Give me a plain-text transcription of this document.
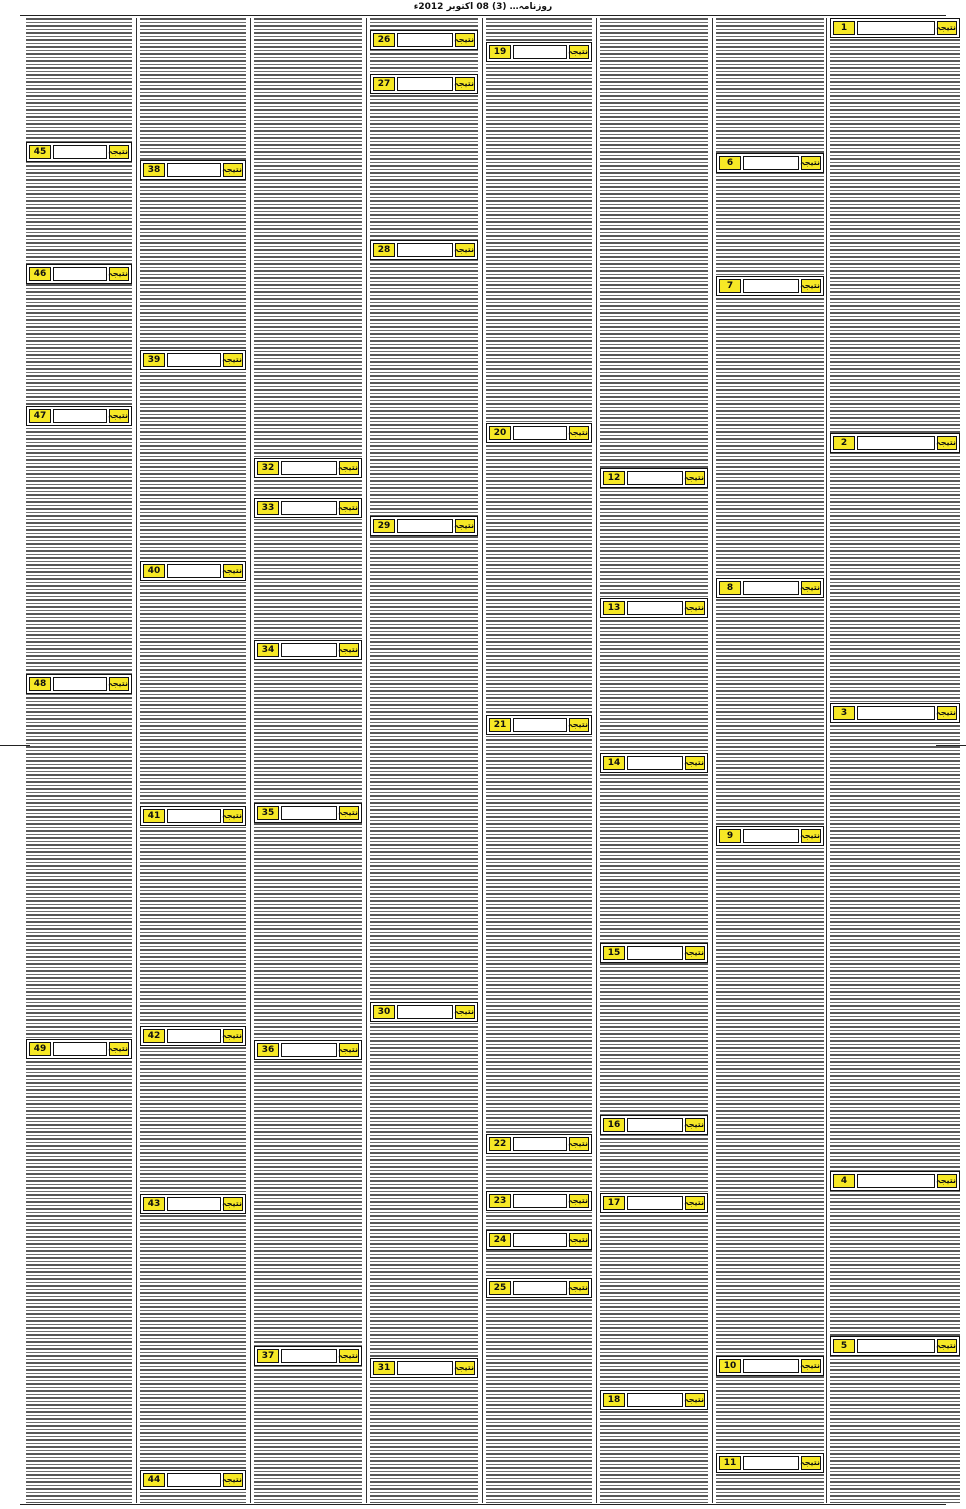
روزنامہ… (3) 08 اکتوبر 2012ء
1	نتیجہ
2	نتیجہ
3	نتیجہ
4	نتیجہ
5	نتیجہ
6	نتیجہ
7	نتیجہ
8	نتیجہ
9	نتیجہ
10	نتیجہ
11	نتیجہ
12	نتیجہ
13	نتیجہ
14	نتیجہ
15	نتیجہ
16	نتیجہ
17	نتیجہ
18	نتیجہ
19	نتیجہ
20	نتیجہ
21	نتیجہ
22	نتیجہ
23	نتیجہ
24	نتیجہ
25	نتیجہ
26	نتیجہ
27	نتیجہ
28	نتیجہ
29	نتیجہ
30	نتیجہ
31	نتیجہ
32	نتیجہ
33	نتیجہ
34	نتیجہ
35	نتیجہ
36	نتیجہ
37	نتیجہ
38	نتیجہ
39	نتیجہ
40	نتیجہ
41	نتیجہ
42	نتیجہ
43	نتیجہ
44	نتیجہ
45	نتیجہ
46	نتیجہ
47	نتیجہ
48	نتیجہ
49	نتیجہ
